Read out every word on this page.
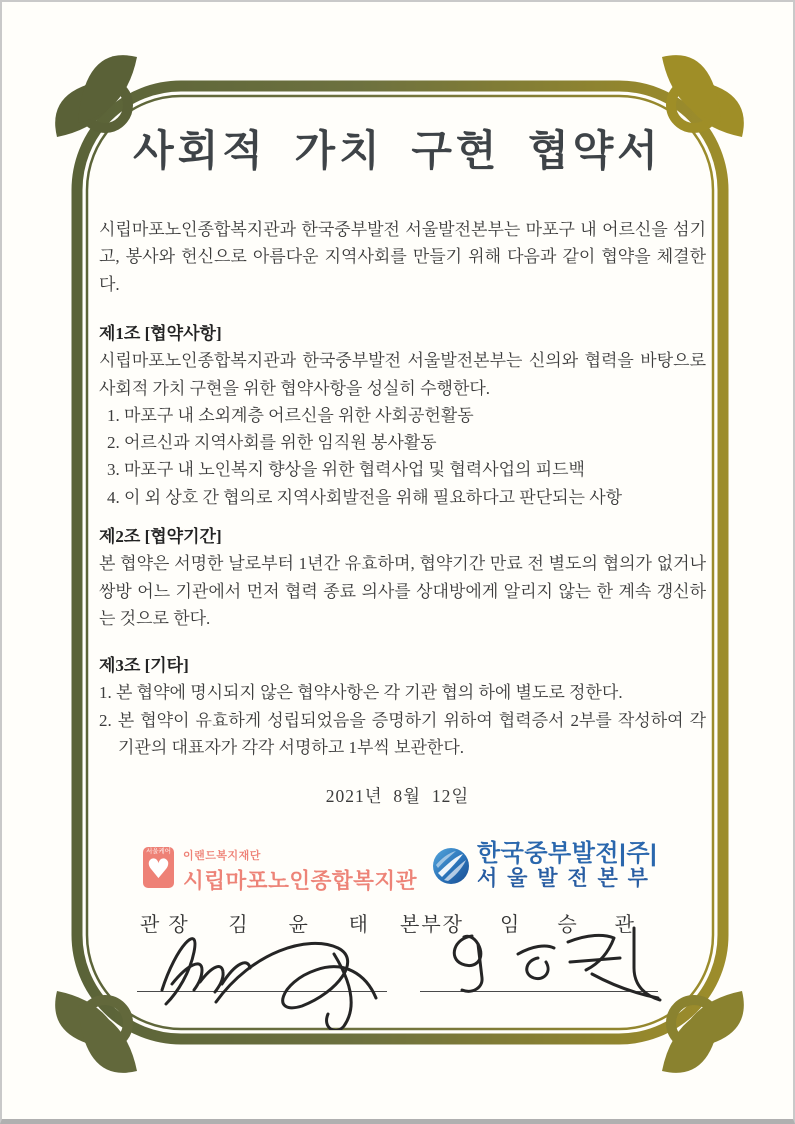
사회적 가치 구현 협약서
시립마포노인종합복지관과 한국중부발전 서울발전본부는 마포구 내 어르신을 섬기고, 봉사와 헌신으로 아름다운 지역사회를 만들기 위해 다음과 같이 협약을 체결한다.
제1조 [협약사항]
시립마포노인종합복지관과 한국중부발전 서울발전본부는 신의와 협력을 바탕으로 사회적 가치 구현을 위한 협약사항을 성실히 수행한다.
1. 마포구 내 소외계층 어르신을 위한 사회공헌활동
2. 어르신과 지역사회를 위한 임직원 봉사활동
3. 마포구 내 노인복지 향상을 위한 협력사업 및 협력사업의 피드백
4. 이 외 상호 간 협의로 지역사회발전을 위해 필요하다고 판단되는 사항
제2조 [협약기간]
본 협약은 서명한 날로부터 1년간 유효하며, 협약기간 만료 전 별도의 협의가 없거나 쌍방 어느 기관에서 먼저 협력 종료 의사를 상대방에게 알리지 않는 한 계속 갱신하는 것으로 한다.
제3조 [기타]
1. 본 협약에 명시되지 않은 협약사항은 각 기관 협의 하에 별도로 정한다.
2. 본 협약이 유효하게 성립되었음을 증명하기 위하여 협력증서 2부를 작성하여 각 기관의 대표자가 각각 서명하고 1부씩 보관한다.
2021년  8월  12일
서울케어
♥ 이랜드복지재단
시립마포노인종합복지관
한국중부발전|주|
서 울 발 전 본 부
관 장 김 윤 태 본부장 임 승 관
